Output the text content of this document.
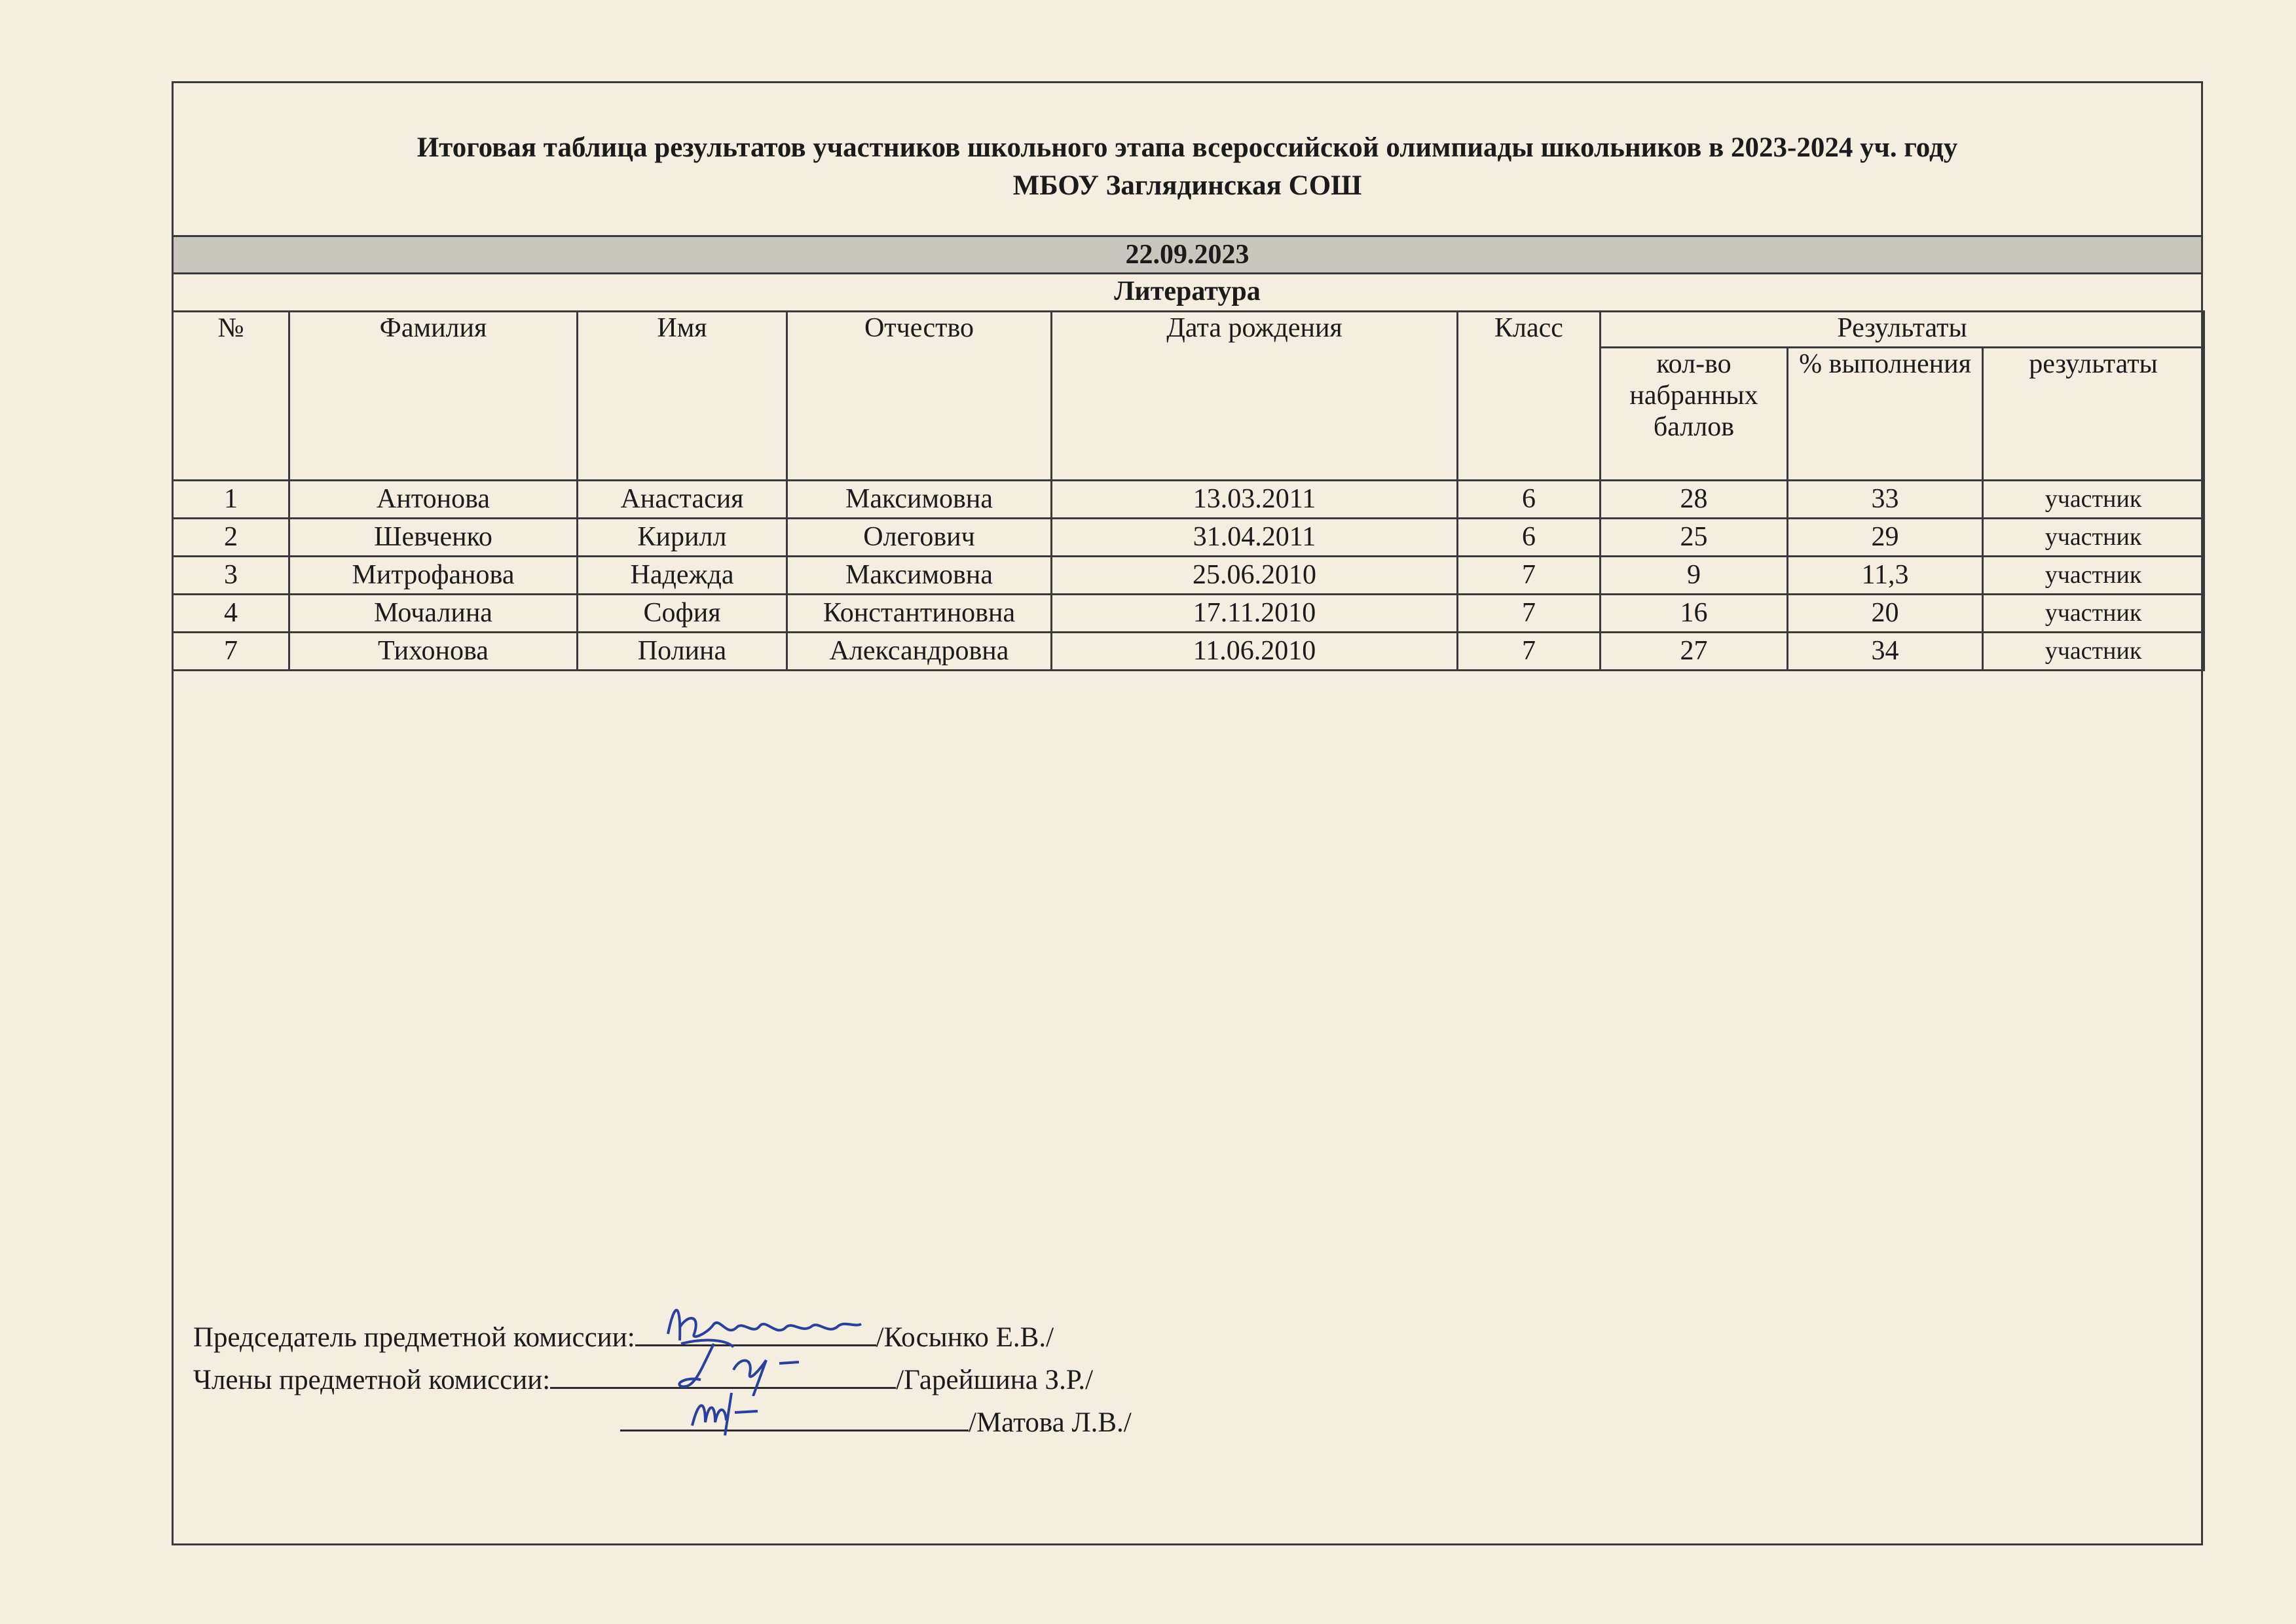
Итоговая таблица результатов участников школьного этапа всероссийской олимпиады школьников в 2023-2024 уч. году
МБОУ Заглядинская СОШ
22.09.2023
Литература
№	Фамилия	Имя	Отчество	Дата рождения	Класс	Результаты		
						кол-во набранных баллов	% выполнения	результаты
1	Антонова	Анастасия	Максимовна	13.03.2011	6	28	33	участник
2	Шевченко	Кирилл	Олегович	31.04.2011	6	25	29	участник
3	Митрофанова	Надежда	Максимовна	25.06.2010	7	9	11,3	участник
4	Мочалина	София	Константиновна	17.11.2010	7	16	20	участник
7	Тихонова	Полина	Александровна	11.06.2010	7	27	34	участник
Председатель предметной комиссии:	/Косынко Е.В./
Члены предметной комиссии:	/Гарейшина З.Р./
/Матова Л.В./
